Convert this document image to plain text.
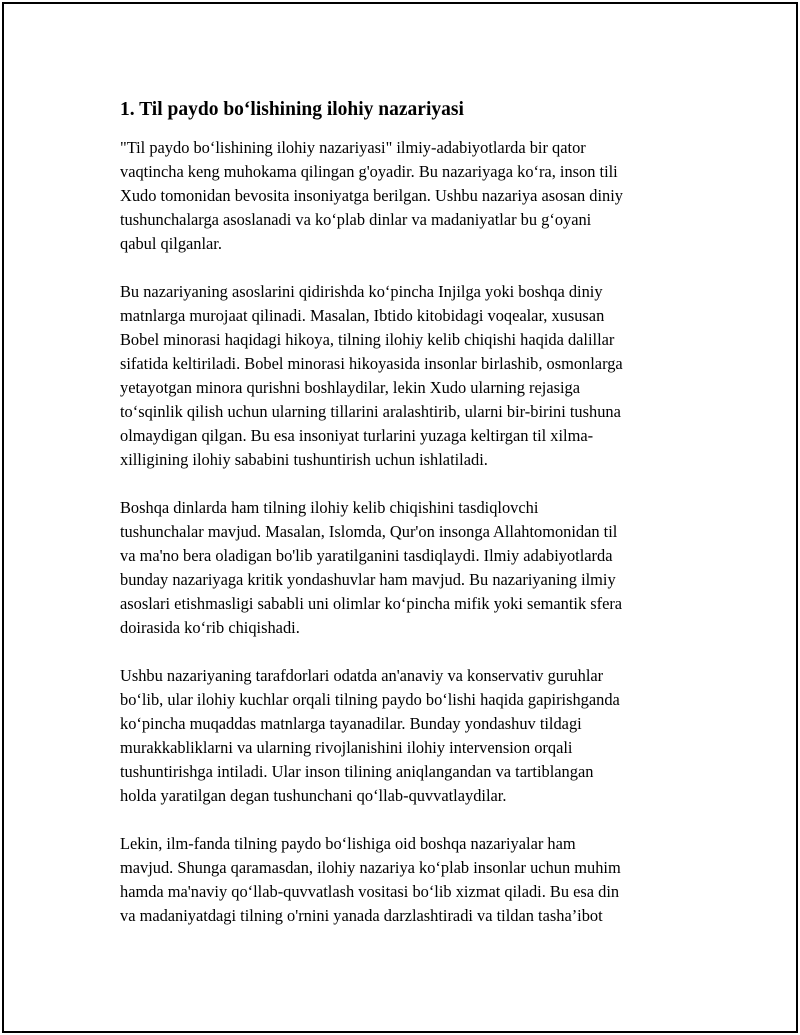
1. Til paydo bo‘lishining ilohiy nazariyasi
"Til paydo bo‘lishining ilohiy nazariyasi" ilmiy-adabiyotlarda bir qator
vaqtincha keng muhokama qilingan g'oyadir. Bu nazariyaga ko‘ra, inson tili
Xudo tomonidan bevosita insoniyatga berilgan. Ushbu nazariya asosan diniy
tushunchalarga asoslanadi va ko‘plab dinlar va madaniyatlar bu g‘oyani
qabul qilganlar.
Bu nazariyaning asoslarini qidirishda ko‘pincha Injilga yoki boshqa diniy
matnlarga murojaat qilinadi. Masalan, Ibtido kitobidagi voqealar, xususan
Bobel minorasi haqidagi hikoya, tilning ilohiy kelib chiqishi haqida dalillar
sifatida keltiriladi. Bobel minorasi hikoyasida insonlar birlashib, osmonlarga
yetayotgan minora qurishni boshlaydilar, lekin Xudo ularning rejasiga
to‘sqinlik qilish uchun ularning tillarini aralashtirib, ularni bir-birini tushuna
olmaydigan qilgan. Bu esa insoniyat turlarini yuzaga keltirgan til xilma-
xilligining ilohiy sababini tushuntirish uchun ishlatiladi.
Boshqa dinlarda ham tilning ilohiy kelib chiqishini tasdiqlovchi
tushunchalar mavjud. Masalan, Islomda, Qur'on insonga Allahtomonidan til
va ma'no bera oladigan bo'lib yaratilganini tasdiqlaydi. Ilmiy adabiyotlarda
bunday nazariyaga kritik yondashuvlar ham mavjud. Bu nazariyaning ilmiy
asoslari etishmasligi sababli uni olimlar ko‘pincha mifik yoki semantik sfera
doirasida ko‘rib chiqishadi.
Ushbu nazariyaning tarafdorlari odatda an'anaviy va konservativ guruhlar
bo‘lib, ular ilohiy kuchlar orqali tilning paydo bo‘lishi haqida gapirishganda
ko‘pincha muqaddas matnlarga tayanadilar. Bunday yondashuv tildagi
murakkabliklarni va ularning rivojlanishini ilohiy intervension orqali
tushuntirishga intiladi. Ular inson tilining aniqlangandan va tartiblangan
holda yaratilgan degan tushunchani qo‘llab-quvvatlaydilar.
Lekin, ilm-fanda tilning paydo bo‘lishiga oid boshqa nazariyalar ham
mavjud. Shunga qaramasdan, ilohiy nazariya ko‘plab insonlar uchun muhim
hamda ma'naviy qo‘llab-quvvatlash vositasi bo‘lib xizmat qiladi. Bu esa din
va madaniyatdagi tilning o'rnini yanada darzlashtiradi va tildan tasha’ibot
